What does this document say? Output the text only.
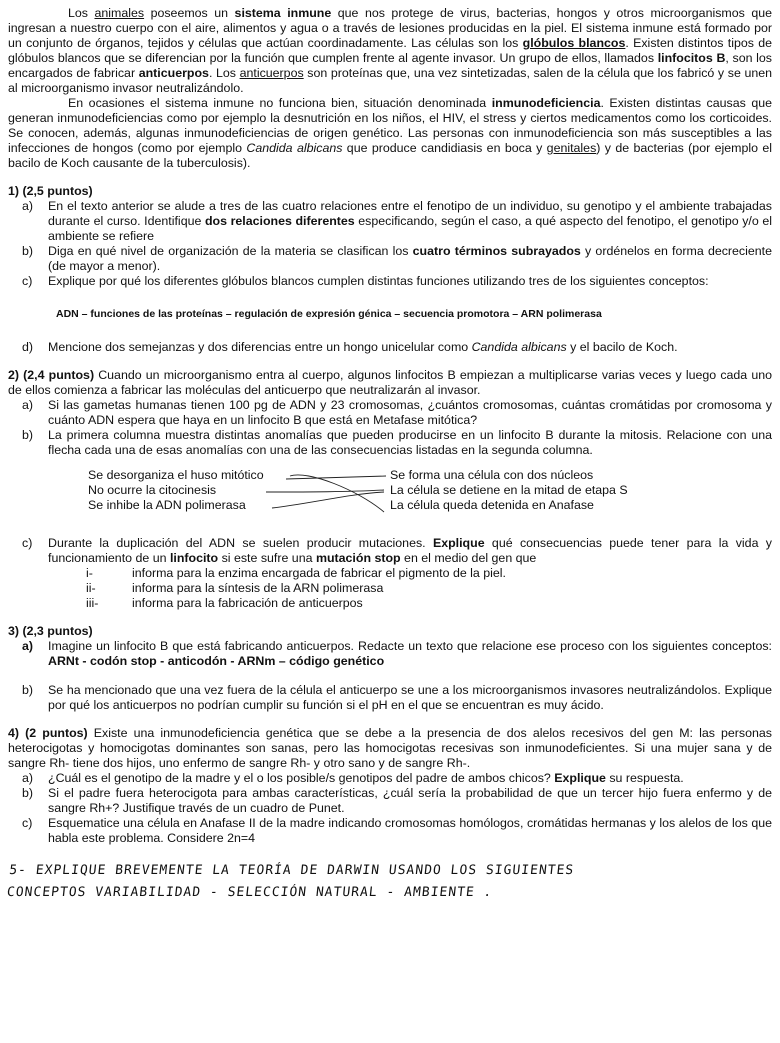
Los animales poseemos un sistema inmune que nos protege de virus, bacterias, hongos y otros microorganismos que ingresan a nuestro cuerpo con el aire, alimentos y agua o a través de lesiones producidas en la piel. El sistema inmune está formado por un conjunto de órganos, tejidos y células que actúan coordinadamente. Las células son los glóbulos blancos. Existen distintos tipos de glóbulos blancos que se diferencian por la función que cumplen frente al agente invasor. Un grupo de ellos, llamados linfocitos B, son los encargados de fabricar anticuerpos. Los anticuerpos son proteínas que, una vez sintetizadas, salen de la célula que los fabricó y se unen al microorganismo invasor neutralizándolo.

En ocasiones el sistema inmune no funciona bien, situación denominada inmunodeficiencia. Existen distintas causas que generan inmunodeficiencias como por ejemplo la desnutrición en los niños, el HIV, el stress y ciertos medicamentos como los corticoides. Se conocen, además, algunas inmunodeficiencias de origen genético. Las personas con inmunodeficiencia son más susceptibles a las infecciones de hongos (como por ejemplo Candida albicans que produce candidiasis en boca y genitales) y de bacterias (por ejemplo el bacilo de Koch causante de la tuberculosis).

1) (2,5 puntos)
a)	En el texto anterior se alude a tres de las cuatro relaciones entre el fenotipo de un individuo, su genotipo y el ambiente trabajadas durante el curso. Identifique dos relaciones diferentes especificando, según el caso, a qué aspecto del fenotipo, el genotipo y/o el ambiente se refiere
b)	Diga en qué nivel de organización de la materia se clasifican los cuatro términos subrayados y ordénelos en forma decreciente (de mayor a menor).
c)	Explique por qué los diferentes glóbulos blancos cumplen distintas funciones utilizando tres de los siguientes conceptos:
ADN – funciones de las proteínas – regulación de expresión génica – secuencia promotora – ARN polimerasa
d)	Mencione dos semejanzas y dos diferencias entre un hongo unicelular como Candida albicans y el bacilo de Koch.

2) (2,4 puntos) Cuando un microorganismo entra al cuerpo, algunos linfocitos B empiezan a multiplicarse varias veces y luego cada uno de ellos comienza a fabricar las moléculas del anticuerpo que neutralizarán al invasor.

a)	Si las gametas humanas tienen 100 pg de ADN y 23 cromosomas, ¿cuántos cromosomas, cuántas cromátidas por cromosoma y cuánto ADN espera que haya en un linfocito B que está en Metafase mitótica?
b)	La primera columna muestra distintas anomalías que pueden producirse en un linfocito B durante la mitosis. Relacione con una flecha cada una de esas anomalías con una de las consecuencias listadas en la segunda columna.
Se desorganiza el huso mitótico
No ocurre la citocinesis
Se inhibe la ADN polimerasa
Se forma una célula con dos núcleos
La célula se detiene en la mitad de etapa S
La célula queda detenida en Anafase
c)	Durante la duplicación del ADN se suelen producir mutaciones. Explique qué consecuencias puede tener para la vida y funcionamiento de un linfocito si este sufre una mutación stop en el medio del gen que
i-	informa para la enzima encargada de fabricar el pigmento de la piel.
ii-	informa para la síntesis de la ARN polimerasa
iii-	informa para la fabricación de anticuerpos
3) (2,3 puntos)
a)	Imagine un linfocito B que está fabricando anticuerpos. Redacte un texto que relacione ese proceso con los siguientes conceptos: ARNt - codón stop - anticodón - ARNm – código genético
b)	Se ha mencionado que una vez fuera de la célula el anticuerpo se une a los microorganismos invasores neutralizándolos. Explique por qué los anticuerpos no podrían cumplir su función si el pH en el que se encuentran es muy ácido.

4) (2 puntos) Existe una inmunodeficiencia genética que se debe a la presencia de dos alelos recesivos del gen M: las personas heterocigotas y homocigotas dominantes son sanas, pero las homocigotas recesivas son inmunodeficientes. Si una mujer sana y de sangre Rh- tiene dos hijos, uno enfermo de sangre Rh- y otro sano y de sangre Rh-.

a)	¿Cuál es el genotipo de la madre y el o los posible/s genotipos del padre de ambos chicos? Explique su respuesta.
b)	Si el padre fuera heterocigota para ambas características, ¿cuál sería la probabilidad de que un tercer hijo fuera enfermo y de sangre Rh+? Justifique través de un cuadro de Punet.
c)	Esquematice una célula en Anafase II de la madre indicando cromosomas homólogos, cromátidas hermanas y los alelos de los que habla este problema. Considere 2n=4
5- EXPLIQUE BREVEMENTE LA TEORÍA DE DARWIN USANDO LOS SIGUIENTES
CONCEPTOS VARIABILIDAD - SELECCIÓN NATURAL - AMBIENTE .
